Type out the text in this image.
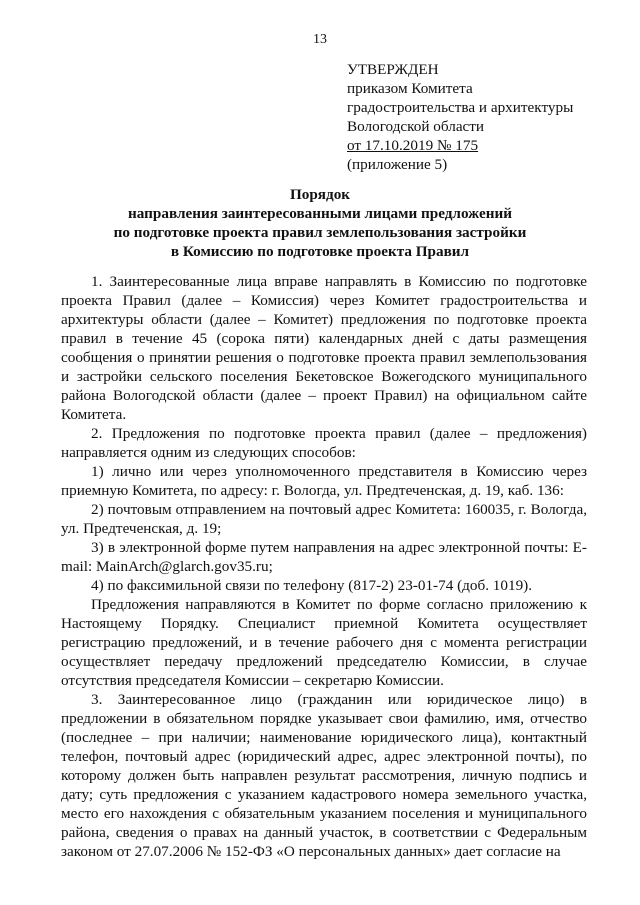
13
УТВЕРЖДЕН
приказом Комитета
градостроительства и архитектуры
Вологодской области
от 17.10.2019 № 175
(приложение 5)
Порядок
направления заинтересованными лицами предложений
по подготовке проекта правил землепользования застройки
в Комиссию по подготовке проекта Правил

1. Заинтересованные лица вправе направлять в Комиссию по подготовке проекта Правил (далее – Комиссия) через Комитет градостроительства и архитектуры области (далее – Комитет) предложения по подготовке проекта правил в течение 45 (сорока пяти) календарных дней с даты размещения сообщения о принятии решения о подготовке проекта правил землепользования и застройки сельского поселения Бекетовское Вожегодского муниципального района Вологодской области (далее – проект Правил) на официальном сайте Комитета.

2. Предложения по подготовке проекта правил (далее – предложения) направляется одним из следующих способов:

1) лично или через уполномоченного представителя в Комиссию через приемную Комитета, по адресу: г. Вологда, ул. Предтеченская, д. 19, каб. 136:

2) почтовым отправлением на почтовый адрес Комитета: 160035, г. Вологда, ул. Предтеченская, д. 19;

3) в электронной форме путем направления на адрес электронной почты: E-mail: MainArch@glarch.gov35.ru;

4) по факсимильной связи по телефону (817-2) 23-01-74 (доб. 1019).

Предложения направляются в Комитет по форме согласно приложению к Настоящему Порядку. Специалист приемной Комитета осуществляет регистрацию предложений, и в течение рабочего дня с момента регистрации осуществляет передачу предложений председателю Комиссии, в случае отсутствия председателя Комиссии – секретарю Комиссии.

3. Заинтересованное лицо (гражданин или юридическое лицо) в предложении в обязательном порядке указывает свои фамилию, имя, отчество (последнее – при наличии; наименование юридического лица), контактный телефон, почтовый адрес (юридический адрес, адрес электронной почты), по которому должен быть направлен результат рассмотрения, личную подпись и дату; суть предложения с указанием кадастрового номера земельного участка, место его нахождения с обязательным указанием поселения и муниципального района, сведения о правах на данный участок, в соответствии с Федеральным законом от 27.07.2006 № 152-ФЗ «О персональных данных» дает согласие на
